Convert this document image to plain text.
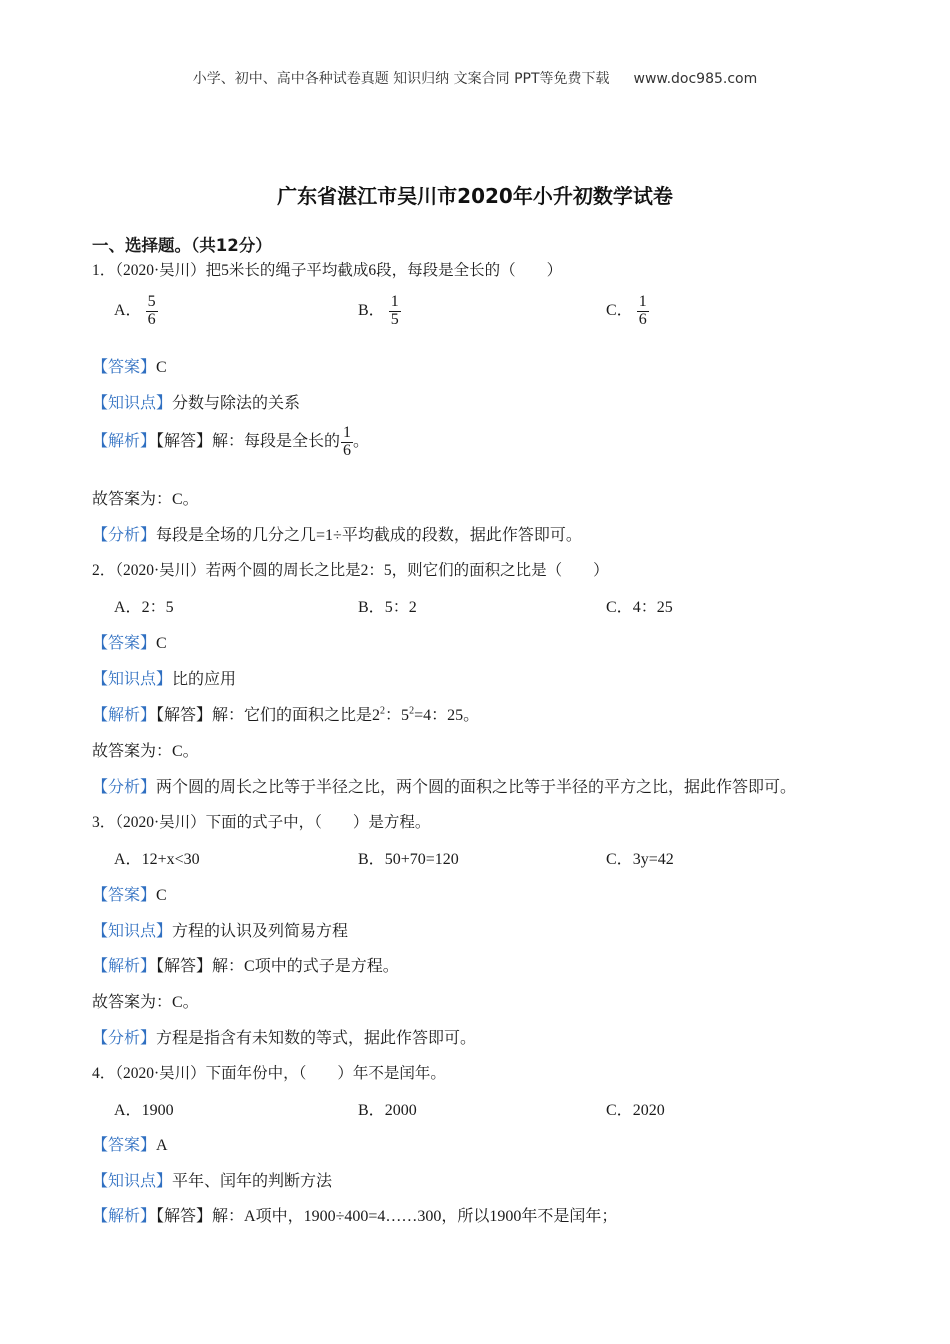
小学、初中、高中各种试卷真题 知识归纳 文案合同 PPT等免费下载 www.doc985.com
广东省湛江市吴川市2020年小升初数学试卷
一、选择题。（共12分）
1．（2020·吴川）把5米长的绳子平均截成6段，每段是全长的（　　）
A． $\frac{5}{6}$	B． $\frac{1}{5}$	C． $\frac{1}{6}$
【答案】C
【知识点】分数与除法的关系
【解析】【解答】解：每段是全长的 $\frac{1}{6}$ 。
故答案为：C。
【分析】每段是全场的几分之几=1÷平均截成的段数，据此作答即可。
2．（2020·吴川）若两个圆的周长之比是2：5，则它们的面积之比是（　　）
A．2：5	B．5：2	C．4：25
【答案】C
【知识点】比的应用
【解析】【解答】解：它们的面积之比是$2^2$：$5^2=4$：25。
故答案为：C。
【分析】两个圆的周长之比等于半径之比，两个圆的面积之比等于半径的平方之比，据此作答即可。
3．（2020·吴川）下面的式子中，（　　）是方程。
A．12+x<30	B．50+70=120	C．3y=42
【答案】C
【知识点】方程的认识及列简易方程
【解析】【解答】解：C项中的式子是方程。
故答案为：C。
【分析】方程是指含有未知数的等式，据此作答即可。
4．（2020·吴川）下面年份中，（　　）年不是闰年。
A．1900	B．2000	C．2020
【答案】A
【知识点】平年、闰年的判断方法
【解析】【解答】解：A项中，1900÷400=4……300，所以1900年不是闰年；
